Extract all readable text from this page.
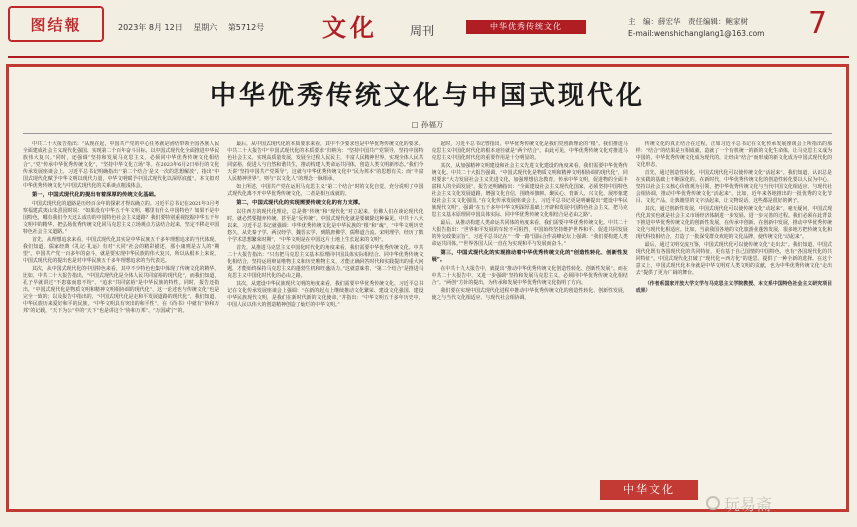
图结報	2023年 8月 12日 星期六 第5712号	文化	周刊	中华优秀传统文化
主　编：薛宏华　责任编辑：鲍家树
E-mail:wenshichanglang1@163.com 7
中华优秀传统文化与中国式现代化
▢ 孙福万

中共二十大报告指出：“从现在起，中国共产党的中心任务就是团结带领全国各族人民全面建成社会主义现代化强国、实现第二个百年奋斗目标，以中国式现代化全面推进中华民族伟大复兴。”同时，还强调“坚持和发展马克思主义，必须同中华优秀传统文化相结合”。”党“传承中华优秀传统文化”，“坚持中华文化立场”等。在2023年6月2日举行的文化传承发展座谈会上，习近平总书记明确指出“‘第二个结合’是又一次的思想解放”，指出“中国式现代化赋予中华文明以现代力量，中华文明赋予中国式现代化以深厚底蕴”。本文拟对中华优秀传统文化与中国式现代化的关系谈点粗浅体会。

第一，中国式现代化的提出有着深厚的传统文化基础。

中国式现代化的道路是历经百余年的探索才得以确立的。习近平总书记在2021年3月考察福建武夷山朱熹园时说：“如果没有中华五千年文明，哪里有什么中国特色？如果不是中国特色，哪有我们今天这么成功的中国特色社会主义道路？我们要特别重视挖掘中华五千年文明中的精华，把弘扬优秀传统文化同马克思主义立场观点方法结合起来，坚定不移走中国特色社会主义道路。”

首先，从理想追求来看，中国式现代化其实是中华民族五千多年理想追求的当代体现。我们知道，儒家经典《礼记·礼运》有对“大同”社会的精彩描述，那小康则是古人的“期望”。中国共产党一百多年的奋斗，就是要实现中华民族的伟大复兴，所以从根本上来说，中国式现代化的提出也是对中华民族五千多年理想追求的当代表达。

其次，从中国式现代化的中国特色来看，其中不少特色也集中体现了传统文化的精华。比如，中共二十大报告指出，“中国式现代化是全体人民共同富裕的现代化”，而我们知道，孔子早就讲过“不患寡而患不均”，“追求“共同富裕”是中华民族的特性。同时，报告还指出，“中国式现代化是物质文明和精神文明相协调的现代化”，这一论述也与传统文化“也是完全一致的；以及报告中指出的，“中国式现代化是走和平发展道路的现代化”，我们知道，中华民族历来爱好和平的民族，“中华文明具有突出的和平性”，在《尚书》中就有“协和万邦”的记载，“天下为公”中的“天下”也是讲这个“协和万邦”、“万国咸宁”的。

最后，从中国式现代化的本质要求来看，其中不少要求也是中华优秀传统文化的要求。中共二十大报告中“中国式现代化的本质要求”归纳为：“坚持中国共产党领导，坚持中国特色社会主义，实现高质量发展，发展全过程人民民主，丰富人民精神世界，实现全体人民共同富裕，促进人与自然和谐共生，推动构建人类命运共同体，创造人类文明新形态。”我们今天讲“坚持中国共产党领导”，这就与中华优秀传统文化中“民为邦本”的思想有关；而“丰富人民精神世界”，则与“以文化人”的理念一脉相承。

如上所述，中国共产党在运用马克思主义“第二个结合”时的文化自觉，充分说明了中国式现代化离不开中华优秀传统文化，二者是相互成就的。

第二，中国式现代化的实现需要传统文化的有力支撑。

以往西方的现代化理论，总是将“传统”和“现代化”对立起来，仿佛人们在谈论现代化时，就必然要抛弃传统，甚至是“反传统”。中国式现代化就是要破除这种偏见。中共十八大以来，习近平总书记就强调：中华优秀传统文化是中华民族的“根”和“魂”，“中华文明历史悠久，从先秦子学、两汉经学、魏晋玄学，到隋唐佛学、儒释道合流、宋明理学，经历了数个学术思想繁荣时期”，“中华文明是在中国这片土地上生长起来的文明”。

首先，从推进马克思主义中国化时代化的角度来看，我们需要中华优秀传统文化。中共二十大报告指出：“只有把马克思主义基本原理同中国具体实际相结合、同中华优秀传统文化相结合，坚持运用辩证唯物主义和历史唯物主义，才能正确回答时代和实践提出的重大问题，才能始终保持马克思主义的蓬勃生机和旺盛活力。”这就意味着，“第二个结合”是推进马克思主义中国化时代化的必由之路。

其次，从建设中华民族现代文明的角度来看，我们需要中华优秀传统文化。习近平总书记在文化传承发展座谈会上强调：“在新的起点上继续推动文化繁荣、建设文化强国、建设中华民族现代文明，是我们在新时代新的文化使命。”并指出：“中华文明五千多年历史中，中国人民以伟大的创造精神创造了灿烂的中华文明。”

起时，习近平总书记曾指出，中华优秀传统文化是我们党创新理论的“根”。我们推进马克思主义中国化时代化的根本途径就是“两个结合”。由此可见，中华优秀传统文化对推进马克思主义中国化时代化的重要作用是十分明显的。

其次，从加强精神文明建设和社会主义先进文化建设的角度来看，我们需要中华优秀传统文化。中共二十大报告强调，“中国式现代化是物质文明和精神文明相协调的现代化”，同时要求“大力发展社会主义先进文化，加强理想信念教育，传承中华文明，促进物的全面丰富和人的全面发展”。报告还明确指出：“全面建设社会主义现代化国家，必须坚持中国特色社会主义文化发展道路，增强文化自信，围绕举旗帜、聚民心、育新人、兴文化、展形象建设社会主义文化强国。”在文化传承发展座谈会上，习近平总书记更是明确提出“建设中华民族现代文明”，强调“在五千多年中华文明深厚基础上开辟和发展中国特色社会主义，把马克思主义基本原理同中国具体实际、同中华优秀传统文化相结合是必由之路”。

最后，从推动构建人类命运共同体的角度来看，我们需要中华优秀传统文化。中共二十大报告指出：“世界和平发展的车轮不可阻挡，中国始终坚持维护世界和平、促进共同发展的外交政策宗旨”，习近平总书记在“一带一路”国际合作高峰论坛上强调：“我们要构建人类命运共同体。”“世界各国人民一直在为实现和平与发展而奋斗。”

第三，中国式现代化的实现推动着中华优秀传统文化的“创造性转化、创新性发展”。

在中共十九大报告中，就提出“推动中华优秀传统文化创造性转化、创新性发展”。而在中共二十大报告中，又进一步强调“坚持和发展马克思主义，必须同中华优秀传统文化相结合”。“两创”方针的提出，为传承和发展中华优秀传统文化指明了方向。

我们要在实现中国式现代化进程中推动中华优秀传统文化的创造性转化、创新性发展，使之与当代文化相适应、与现代社会相协调。

传统文化的真正结合在过程。正如习近平总书记在文化传承发展座谈会上所指出的那样：“结合”的结果是互相成就，造就了一个有机统一的新的文化生命体，让马克思主义成为中国的，中华优秀传统文化成为现代的，让经由“结合”而形成的新文化成为中国式现代化的文化形态。

首先，通过创造性转化，中国式现代化可以使传统文化“活起来”。我们知道，认识总是在实践的基础上不断深化的。在新时代，中华优秀传统文化的创造性转化要以人民为中心，坚持以社会主义核心价值观为引领，把中华优秀传统文化与当代中国文化相适应、与现代社会相协调，推动中华优秀传统文化“活起来”。比如，近年来各地推出的一批优秀的文化节目、文化产品，让典籍里的文字活起来，让文物说话，这些都是很好的例子。

其次，通过创新性发展，中国式现代化可以使传统文化“动起来”。毫无疑问，中国式现代化其实也就是社会主义市场经济体制进一步发展、进一步完善的过程。我们必须在此背景下推进中华优秀传统文化的创新性发展，在传承中创新、在创新中发展，推动中华优秀传统文化与现代化相适应。比如，当前我国各地的文化旅游业蓬勃发展，很多地方把传统文化和现代科技相结合，打造了一批深受群众欢迎的文化品牌，使传统文化“动起来”。

最后，通过文明交流互鉴，中国式现代化可以使传统文化“走出去”。我们知道，中国式现代化既有各国现代化的共同特征，更有基于自己国情的中国特色，也有“各国现代化的共同特征”。中国式现代化打破了“现代化＝西方化”的迷思，提供了一种全新的选择。在这个意义上，中国式现代化本身就是中华文明对人类文明的贡献，也为中华优秀传统文化“走出去”提供了更为广阔的舞台。

（作者系国家开放大学文学与马克思主义学院教授、本文系中国特色社会主义研究项目成果）

中华文化
玩易斋
